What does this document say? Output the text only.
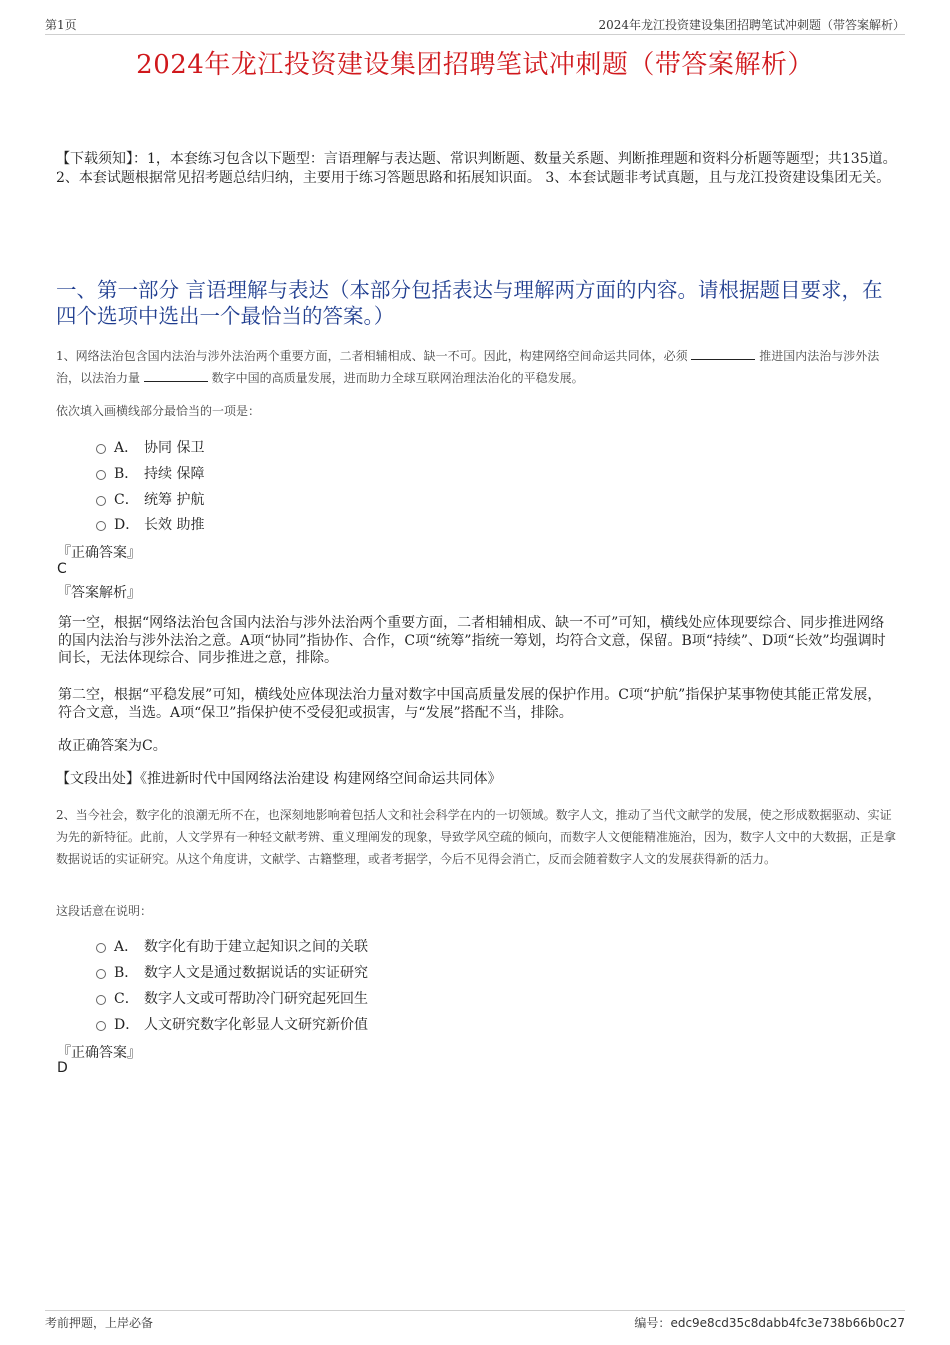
第1页	2024年龙江投资建设集团招聘笔试冲刺题（带答案解析）
2024年龙江投资建设集团招聘笔试冲刺题（带答案解析）
【下载须知】：1，本套练习包含以下题型：言语理解与表达题、常识判断题、数量关系题、判断推理题和资料分析题等题型；共135道。 2、本套试题根据常见招考题总结归纳，主要用于练习答题思路和拓展知识面。 3、本套试题非考试真题，且与龙江投资建设集团无关。
一、第一部分 言语理解与表达（本部分包括表达与理解两方面的内容。请根据题目要求，在四个选项中选出一个最恰当的答案。）
1、网络法治包含国内法治与涉外法治两个重要方面，二者相辅相成、缺一不可。因此，构建网络空间命运共同体，必须	推进国内法治与涉外法治，以法治力量	数字中国的高质量发展，进而助力全球互联网治理法治化的平稳发展。
依次填入画横线部分最恰当的一项是：
A． 协同 保卫
B． 持续 保障
C． 统筹 护航
D． 长效 助推
『正确答案』
C
『答案解析』
第一空，根据“网络法治包含国内法治与涉外法治两个重要方面，二者相辅相成、缺一不可”可知，横线处应体现要综合、同步推进网络的国内法治与涉外法治之意。A项“协同”指协作、合作，C项“统筹”指统一筹划，均符合文意，保留。B项“持续”、D项“长效”均强调时间长，无法体现综合、同步推进之意，排除。
第二空，根据“平稳发展”可知，横线处应体现法治力量对数字中国高质量发展的保护作用。C项“护航”指保护某事物使其能正常发展，符合文意，当选。A项“保卫”指保护使不受侵犯或损害，与“发展”搭配不当，排除。
故正确答案为C。
【文段出处】《推进新时代中国网络法治建设 构建网络空间命运共同体》
2、当今社会，数字化的浪潮无所不在，也深刻地影响着包括人文和社会科学在内的一切领域。数字人文，推动了当代文献学的发展，使之形成数据驱动、实证为先的新特征。此前，人文学界有一种轻文献考辨、重义理阐发的现象，导致学风空疏的倾向，而数字人文便能精准施治，因为，数字人文中的大数据，正是拿数据说话的实证研究。从这个角度讲，文献学、古籍整理，或者考据学，今后不见得会消亡，反而会随着数字人文的发展获得新的活力。
这段话意在说明：
A． 数字化有助于建立起知识之间的关联
B． 数字人文是通过数据说话的实证研究
C． 数字人文或可帮助冷门研究起死回生
D． 人文研究数字化彰显人文研究新价值
『正确答案』
D
考前押题，上岸必备	编号：edc9e8cd35c8dabb4fc3e738b66b0c27
